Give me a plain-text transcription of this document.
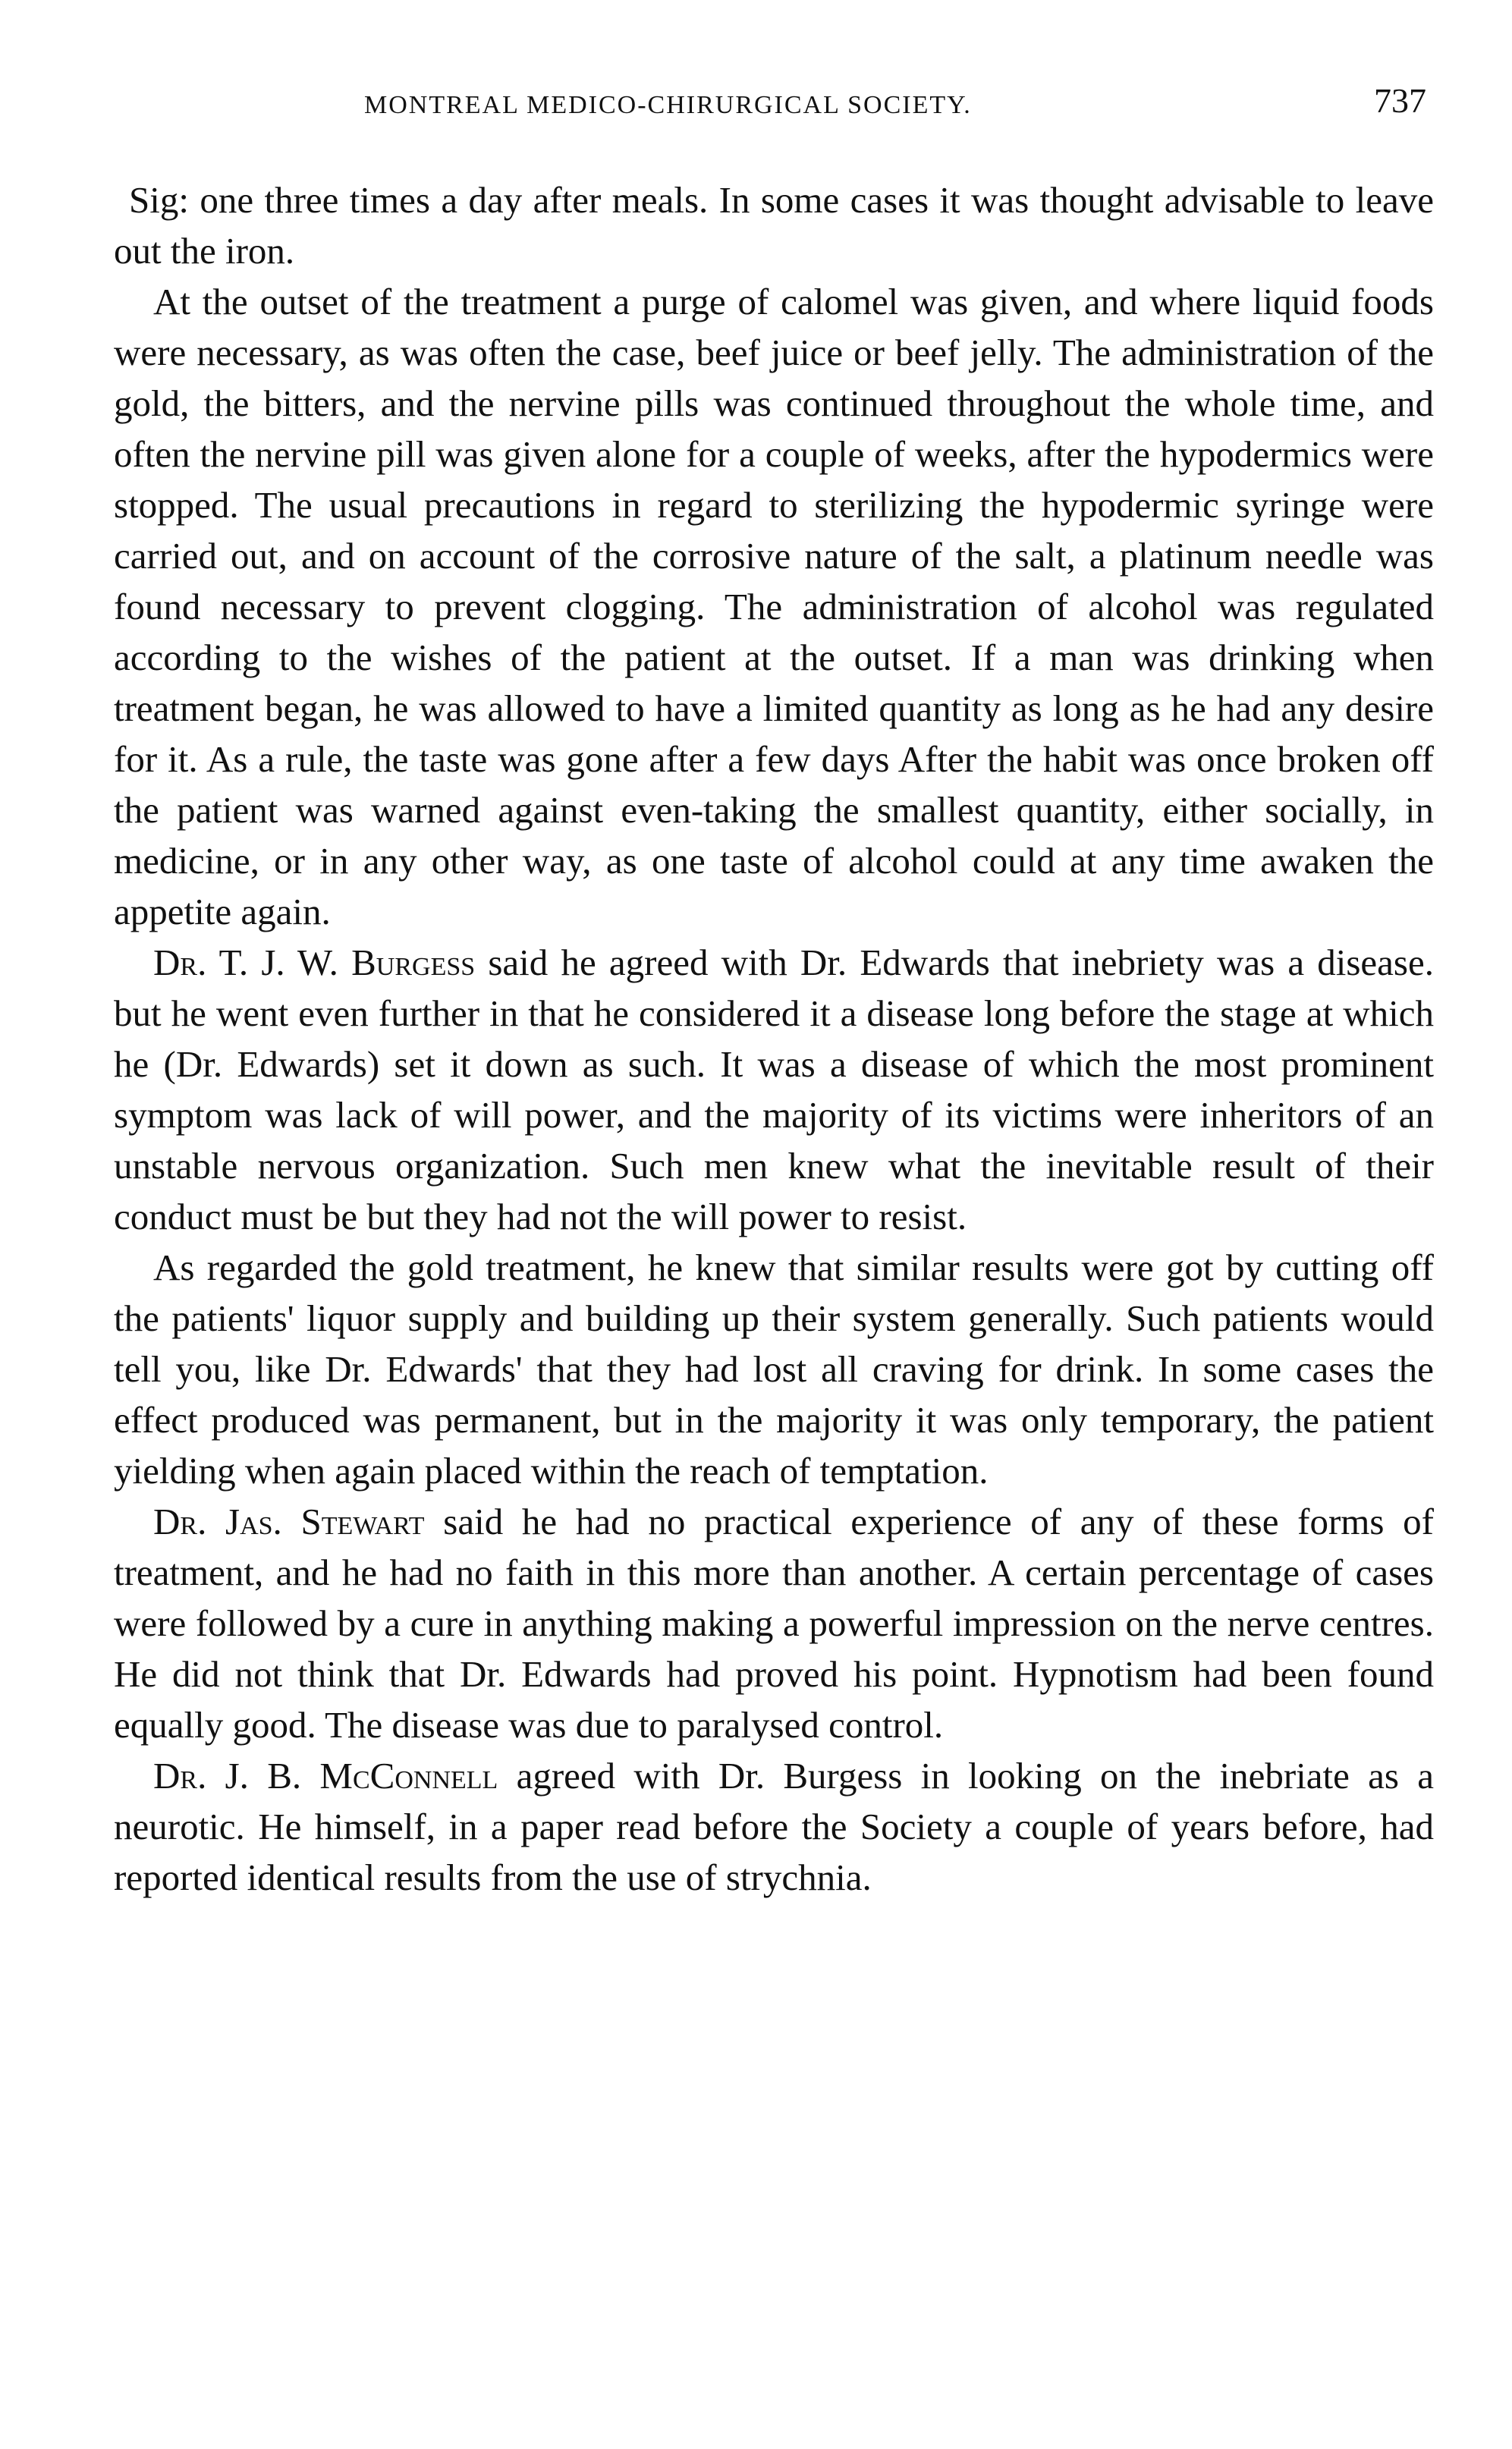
MONTREAL MEDICO-CHIRURGICAL SOCIETY.	737

Sig: one three times a day after meals. In some cases it was thought advisable to leave out the iron.

At the outset of the treatment a purge of calomel was given, and where liquid foods were necessary, as was often the case, beef juice or beef jelly. The administration of the gold, the bitters, and the nervine pills was continued throughout the whole time, and often the nervine pill was given alone for a couple of weeks, after the hypodermics were stopped. The usual precautions in regard to sterilizing the hypodermic syringe were carried out, and on account of the corrosive nature of the salt, a platinum needle was found necessary to prevent clogging. The administration of alcohol was regulated according to the wishes of the patient at the outset. If a man was drinking when treatment began, he was allowed to have a limited quantity as long as he had any desire for it. As a rule, the taste was gone after a few days After the habit was once broken off the patient was warned against even-taking the smallest quantity, either socially, in medicine, or in any other way, as one taste of alcohol could at any time awaken the appetite again.

Dr. T. J. W. Burgess said he agreed with Dr. Edwards that inebriety was a disease. but he went even further in that he considered it a disease long before the stage at which he (Dr. Edwards) set it down as such. It was a disease of which the most prominent symptom was lack of will power, and the majority of its victims were inheritors of an unstable nervous organization. Such men knew what the inevitable result of their conduct must be but they had not the will power to resist.

As regarded the gold treatment, he knew that similar results were got by cutting off the patients' liquor supply and building up their system generally. Such patients would tell you, like Dr. Edwards' that they had lost all craving for drink. In some cases the effect produced was permanent, but in the majority it was only temporary, the patient yielding when again placed within the reach of temptation.

Dr. Jas. Stewart said he had no practical experience of any of these forms of treatment, and he had no faith in this more than another. A certain percentage of cases were followed by a cure in anything making a powerful impression on the nerve centres. He did not think that Dr. Edwards had proved his point. Hypnotism had been found equally good. The disease was due to paralysed control.

Dr. J. B. McConnell agreed with Dr. Burgess in looking on the inebriate as a neurotic. He himself, in a paper read before the Society a couple of years before, had reported identical results from the use of strychnia.
